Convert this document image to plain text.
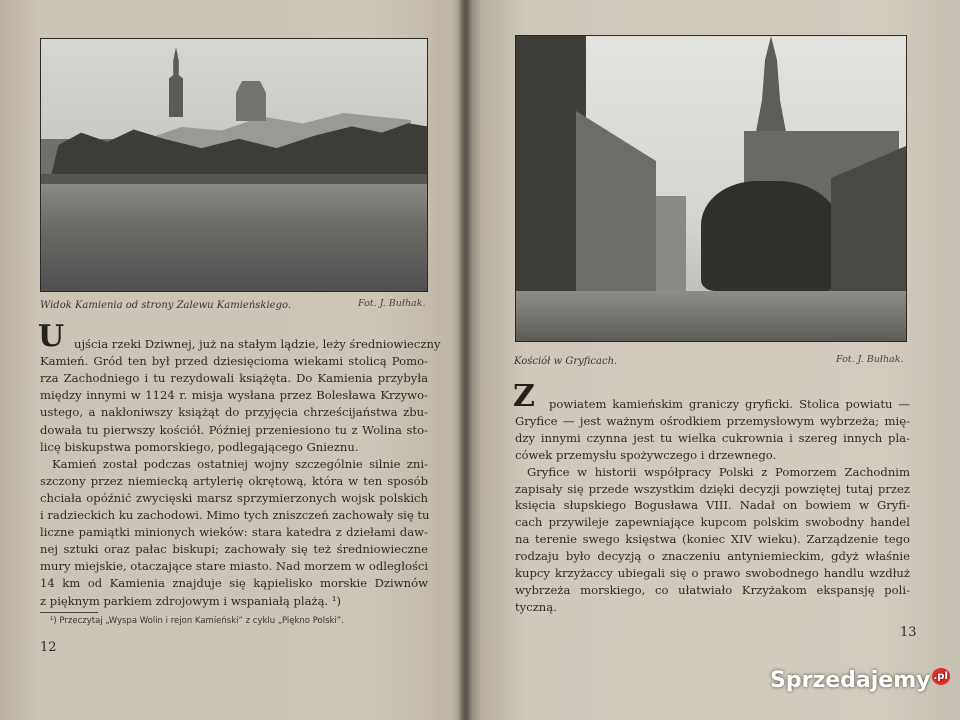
Widok Kamienia od strony Zalewu Kamieńskiego.	Fot. J. Bułhak.
U ujścia rzeki Dziwnej, już na stałym lądzie, leży średniowieczny
Kamień. Gród ten był przed dziesięcioma wiekami stolicą Pomo-
rza Zachodniego i tu rezydowali książęta. Do Kamienia przybyła
między innymi w 1124 r. misja wysłana przez Bolesława Krzywo-
ustego, a nakłoniwszy książąt do przyjęcia chrześcijaństwa zbu-
dowała tu pierwszy kościół. Później przeniesiono tu z Wolina sto-
licę biskupstwa pomorskiego, podlegającego Gnieznu.
Kamień został podczas ostatniej wojny szczególnie silnie zni-
szczony przez niemiecką artylerię okrętową, która w ten sposób
chciała opóźnić zwycięski marsz sprzymierzonych wojsk polskich
i radzieckich ku zachodowi. Mimo tych zniszczeń zachowały się tu
liczne pamiątki minionych wieków: stara katedra z dziełami daw-
nej sztuki oraz pałac biskupi; zachowały się też średniowieczne
mury miejskie, otaczające stare miasto. Nad morzem w odległości
14 km od Kamienia znajduje się kąpielisko morskie Dziwnów
z pięknym parkiem zdrojowym i wspaniałą plażą. ¹)
¹) Przeczytaj „Wyspa Wolin i rejon Kamieński” z cyklu „Piękno Polski”.
12
Kościół w Gryficach.	Fot. J. Bułhak.
Z powiatem kamieńskim graniczy gryficki. Stolica powiatu —
Gryfice — jest ważnym ośrodkiem przemysłowym wybrzeża; mię-
dzy innymi czynna jest tu wielka cukrownia i szereg innych pla-
cówek przemysłu spożywczego i drzewnego.
Gryfice w historii współpracy Polski z Pomorzem Zachodnim
zapisały się przede wszystkim dzięki decyzji powziętej tutaj przez
księcia słupskiego Bogusława VIII. Nadał on bowiem w Gryfi-
cach przywileje zapewniające kupcom polskim swobodny handel
na terenie swego księstwa (koniec XIV wieku). Zarządzenie tego
rodzaju było decyzją o znaczeniu antyniemieckim, gdyż właśnie
kupcy krzyżaccy ubiegali się o prawo swobodnego handlu wzdłuż
wybrzeża morskiego, co ułatwiało Krzyżakom ekspansję poli-
tyczną.
13
Sprzedajemy .pl
